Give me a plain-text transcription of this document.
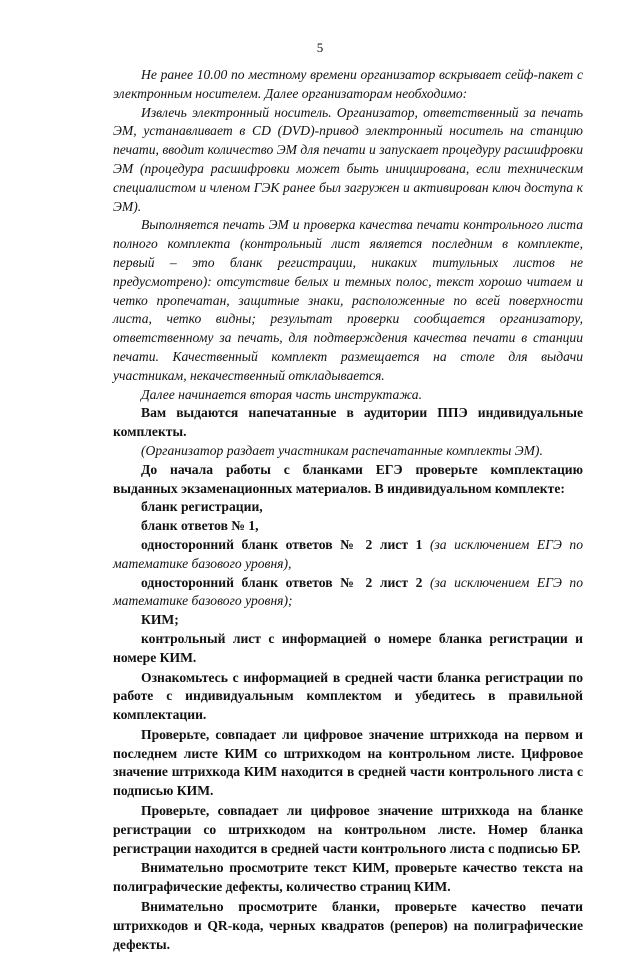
5

Не ранее 10.00 по местному времени организатор вскрывает сейф-пакет с электронным носителем. Далее организаторам необходимо:

Извлечь электронный носитель. Организатор, ответственный за печать ЭМ, устанавливает в CD (DVD)-привод электронный носитель на станцию печати, вводит количество ЭМ для печати и запускает процедуру расшифровки ЭМ (процедура расшифровки может быть инициирована, если техническим специалистом и членом ГЭК ранее был загружен и активирован ключ доступа к ЭМ).

Выполняется печать ЭМ и проверка качества печати контрольного листа полного комплекта (контрольный лист является последним в комплекте, первый – это бланк регистрации, никаких титульных листов не предусмотрено): отсутствие белых и темных полос, текст хорошо читаем и четко пропечатан, защитные знаки, расположенные по всей поверхности листа, четко видны; результат проверки сообщается организатору, ответственному за печать, для подтверждения качества печати в станции печати. Качественный комплект размещается на столе для выдачи участникам, некачественный откладывается.

Далее начинается вторая часть инструктажа.

Вам выдаются напечатанные в аудитории ППЭ индивидуальные комплекты.

(Организатор раздает участникам распечатанные комплекты ЭМ).

До начала работы с бланками ЕГЭ проверьте комплектацию выданных экзаменационных материалов. В индивидуальном комплекте:

бланк регистрации,

бланк ответов № 1,

односторонний бланк ответов № 2 лист 1 (за исключением ЕГЭ по математике базового уровня),

односторонний бланк ответов № 2 лист 2 (за исключением ЕГЭ по математике базового уровня);

КИМ;

контрольный лист с информацией о номере бланка регистрации и номере КИМ.

Ознакомьтесь с информацией в средней части бланка регистрации по работе с индивидуальным комплектом и убедитесь в правильной комплектации.

Проверьте, совпадает ли цифровое значение штрихкода на первом и последнем листе КИМ со штрихкодом на контрольном листе. Цифровое значение штрихкода КИМ находится в средней части контрольного листа с подписью КИМ.

Проверьте, совпадает ли цифровое значение штрихкода на бланке регистрации со штрихкодом на контрольном листе. Номер бланка регистрации находится в средней части контрольного листа с подписью БР.

Внимательно просмотрите текст КИМ, проверьте качество текста на полиграфические дефекты, количество страниц КИМ.

Внимательно просмотрите бланки, проверьте качество печати штрихкодов и QR-кода, черных квадратов (реперов) на полиграфические дефекты.
